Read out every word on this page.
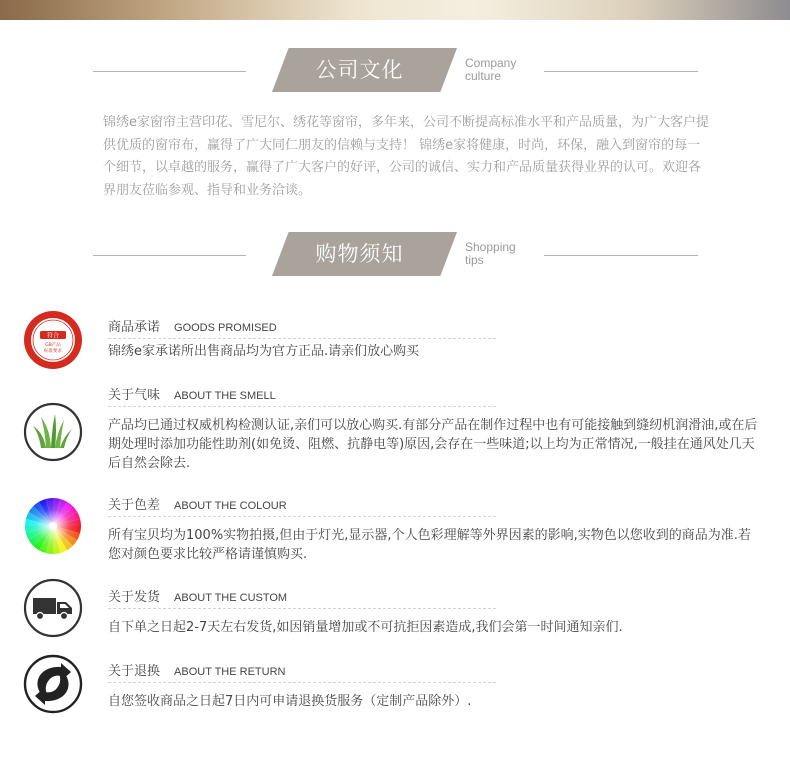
公司文化	Company
culture
锦绣e家窗帘主营印花、雪尼尔、绣花等窗帘，多年来，公司不断提高标准水平和产品质量，为广大客户提供优质的窗帘布，赢得了广大同仁朋友的信赖与支持！ 锦绣e家将健康，时尚，环保，融入到窗帘的每一个细节，以卓越的服务，赢得了广大客户的好评，公司的诚信、实力和产品质量获得业界的认可。欢迎各界朋友莅临参观、指导和业务洽谈。
购物须知	Shopping
tips
符合
GB产品
标准要求
商品承诺 GOODS PROMISED
锦绣e家承诺所出售商品均为官方正品.请亲们放心购买
关于气味 ABOUT THE SMELL
产品均已通过权威机构检测认证,亲们可以放心购买.有部分产品在制作过程中也有可能接触到缝纫机润滑油,或在后期处理时添加功能性助剂(如免烫、阻燃、抗静电等)原因,会存在一些味道;以上均为正常情况,一般挂在通风处几天后自然会除去.
关于色差 ABOUT THE COLOUR
所有宝贝均为100%实物拍摄,但由于灯光,显示器,个人色彩理解等外界因素的影响,实物色以您收到的商品为准.若您对颜色要求比较严格请谨慎购买.
关于发货 ABOUT THE CUSTOM
自下单之日起2-7天左右发货,如因销量增加或不可抗拒因素造成,我们会第一时间通知亲们.
关于退换 ABOUT THE RETURN
自您签收商品之日起7日内可申请退换货服务（定制产品除外）.
